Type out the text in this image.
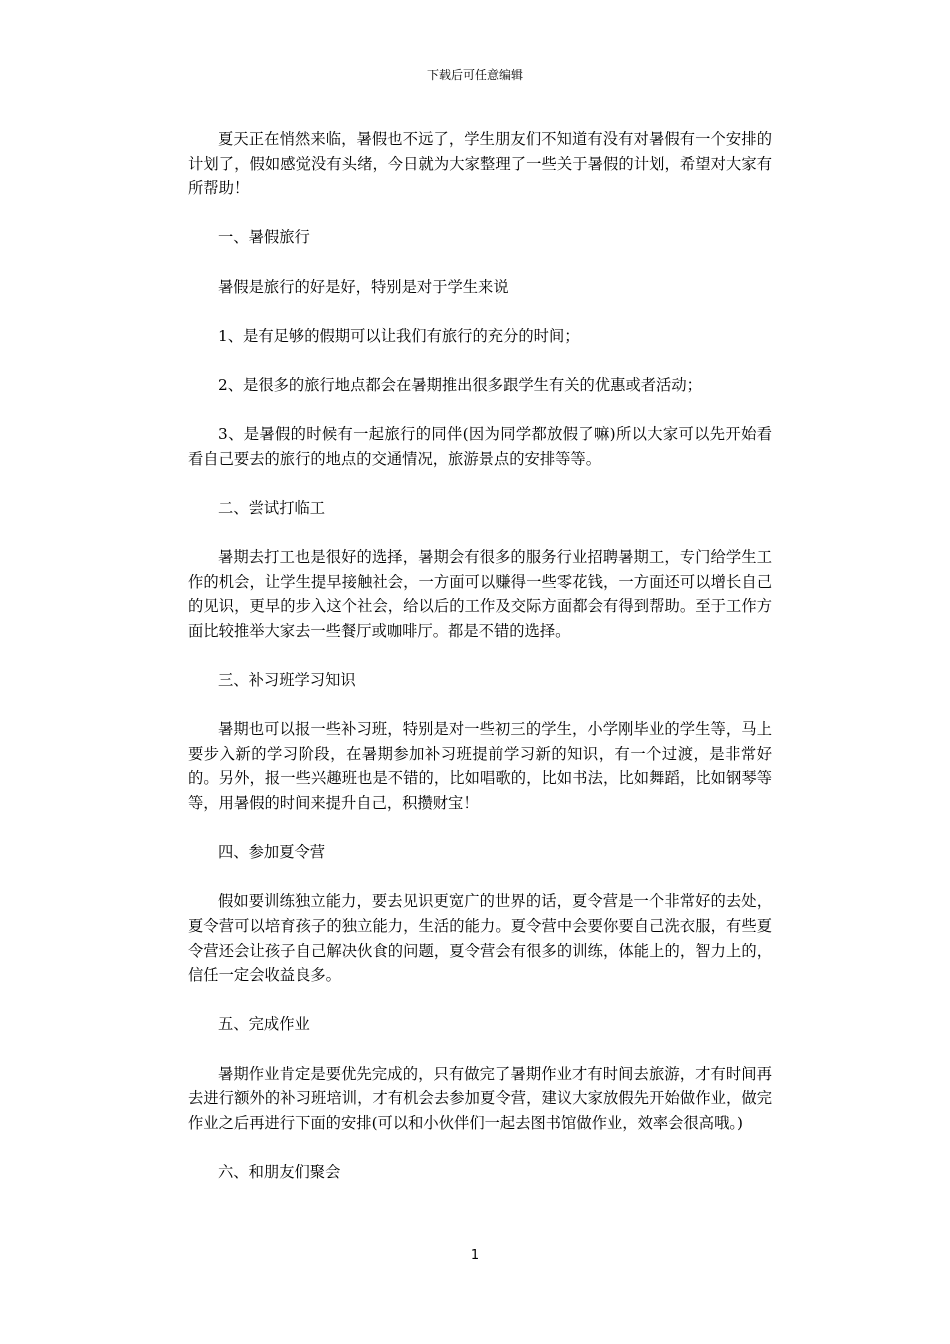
下载后可任意编辑

夏天正在悄然来临，暑假也不远了，学生朋友们不知道有没有对暑假有一个安排的计划了，假如感觉没有头绪，今日就为大家整理了一些关于暑假的计划，希望对大家有所帮助！

一、暑假旅行

暑假是旅行的好是好，特别是对于学生来说

1、是有足够的假期可以让我们有旅行的充分的时间；

2、是很多的旅行地点都会在暑期推出很多跟学生有关的优惠或者活动；

3、是暑假的时候有一起旅行的同伴(因为同学都放假了嘛)所以大家可以先开始看看自己要去的旅行的地点的交通情况，旅游景点的安排等等。

二、尝试打临工

暑期去打工也是很好的选择，暑期会有很多的服务行业招聘暑期工，专门给学生工作的机会，让学生提早接触社会，一方面可以赚得一些零花钱，一方面还可以增长自己的见识，更早的步入这个社会，给以后的工作及交际方面都会有得到帮助。至于工作方面比较推举大家去一些餐厅或咖啡厅。都是不错的选择。

三、补习班学习知识

暑期也可以报一些补习班，特别是对一些初三的学生，小学刚毕业的学生等，马上要步入新的学习阶段，在暑期参加补习班提前学习新的知识，有一个过渡，是非常好的。另外，报一些兴趣班也是不错的，比如唱歌的，比如书法，比如舞蹈，比如钢琴等等，用暑假的时间来提升自己，积攒财宝！

四、参加夏令营

假如要训练独立能力，要去见识更宽广的世界的话，夏令营是一个非常好的去处，夏令营可以培育孩子的独立能力，生活的能力。夏令营中会要你要自己洗衣服，有些夏令营还会让孩子自己解决伙食的问题，夏令营会有很多的训练，体能上的，智力上的，信任一定会收益良多。

五、完成作业

暑期作业肯定是要优先完成的，只有做完了暑期作业才有时间去旅游，才有时间再去进行额外的补习班培训，才有机会去参加夏令营，建议大家放假先开始做作业，做完作业之后再进行下面的安排(可以和小伙伴们一起去图书馆做作业，效率会很高哦。)

六、和朋友们聚会

1
